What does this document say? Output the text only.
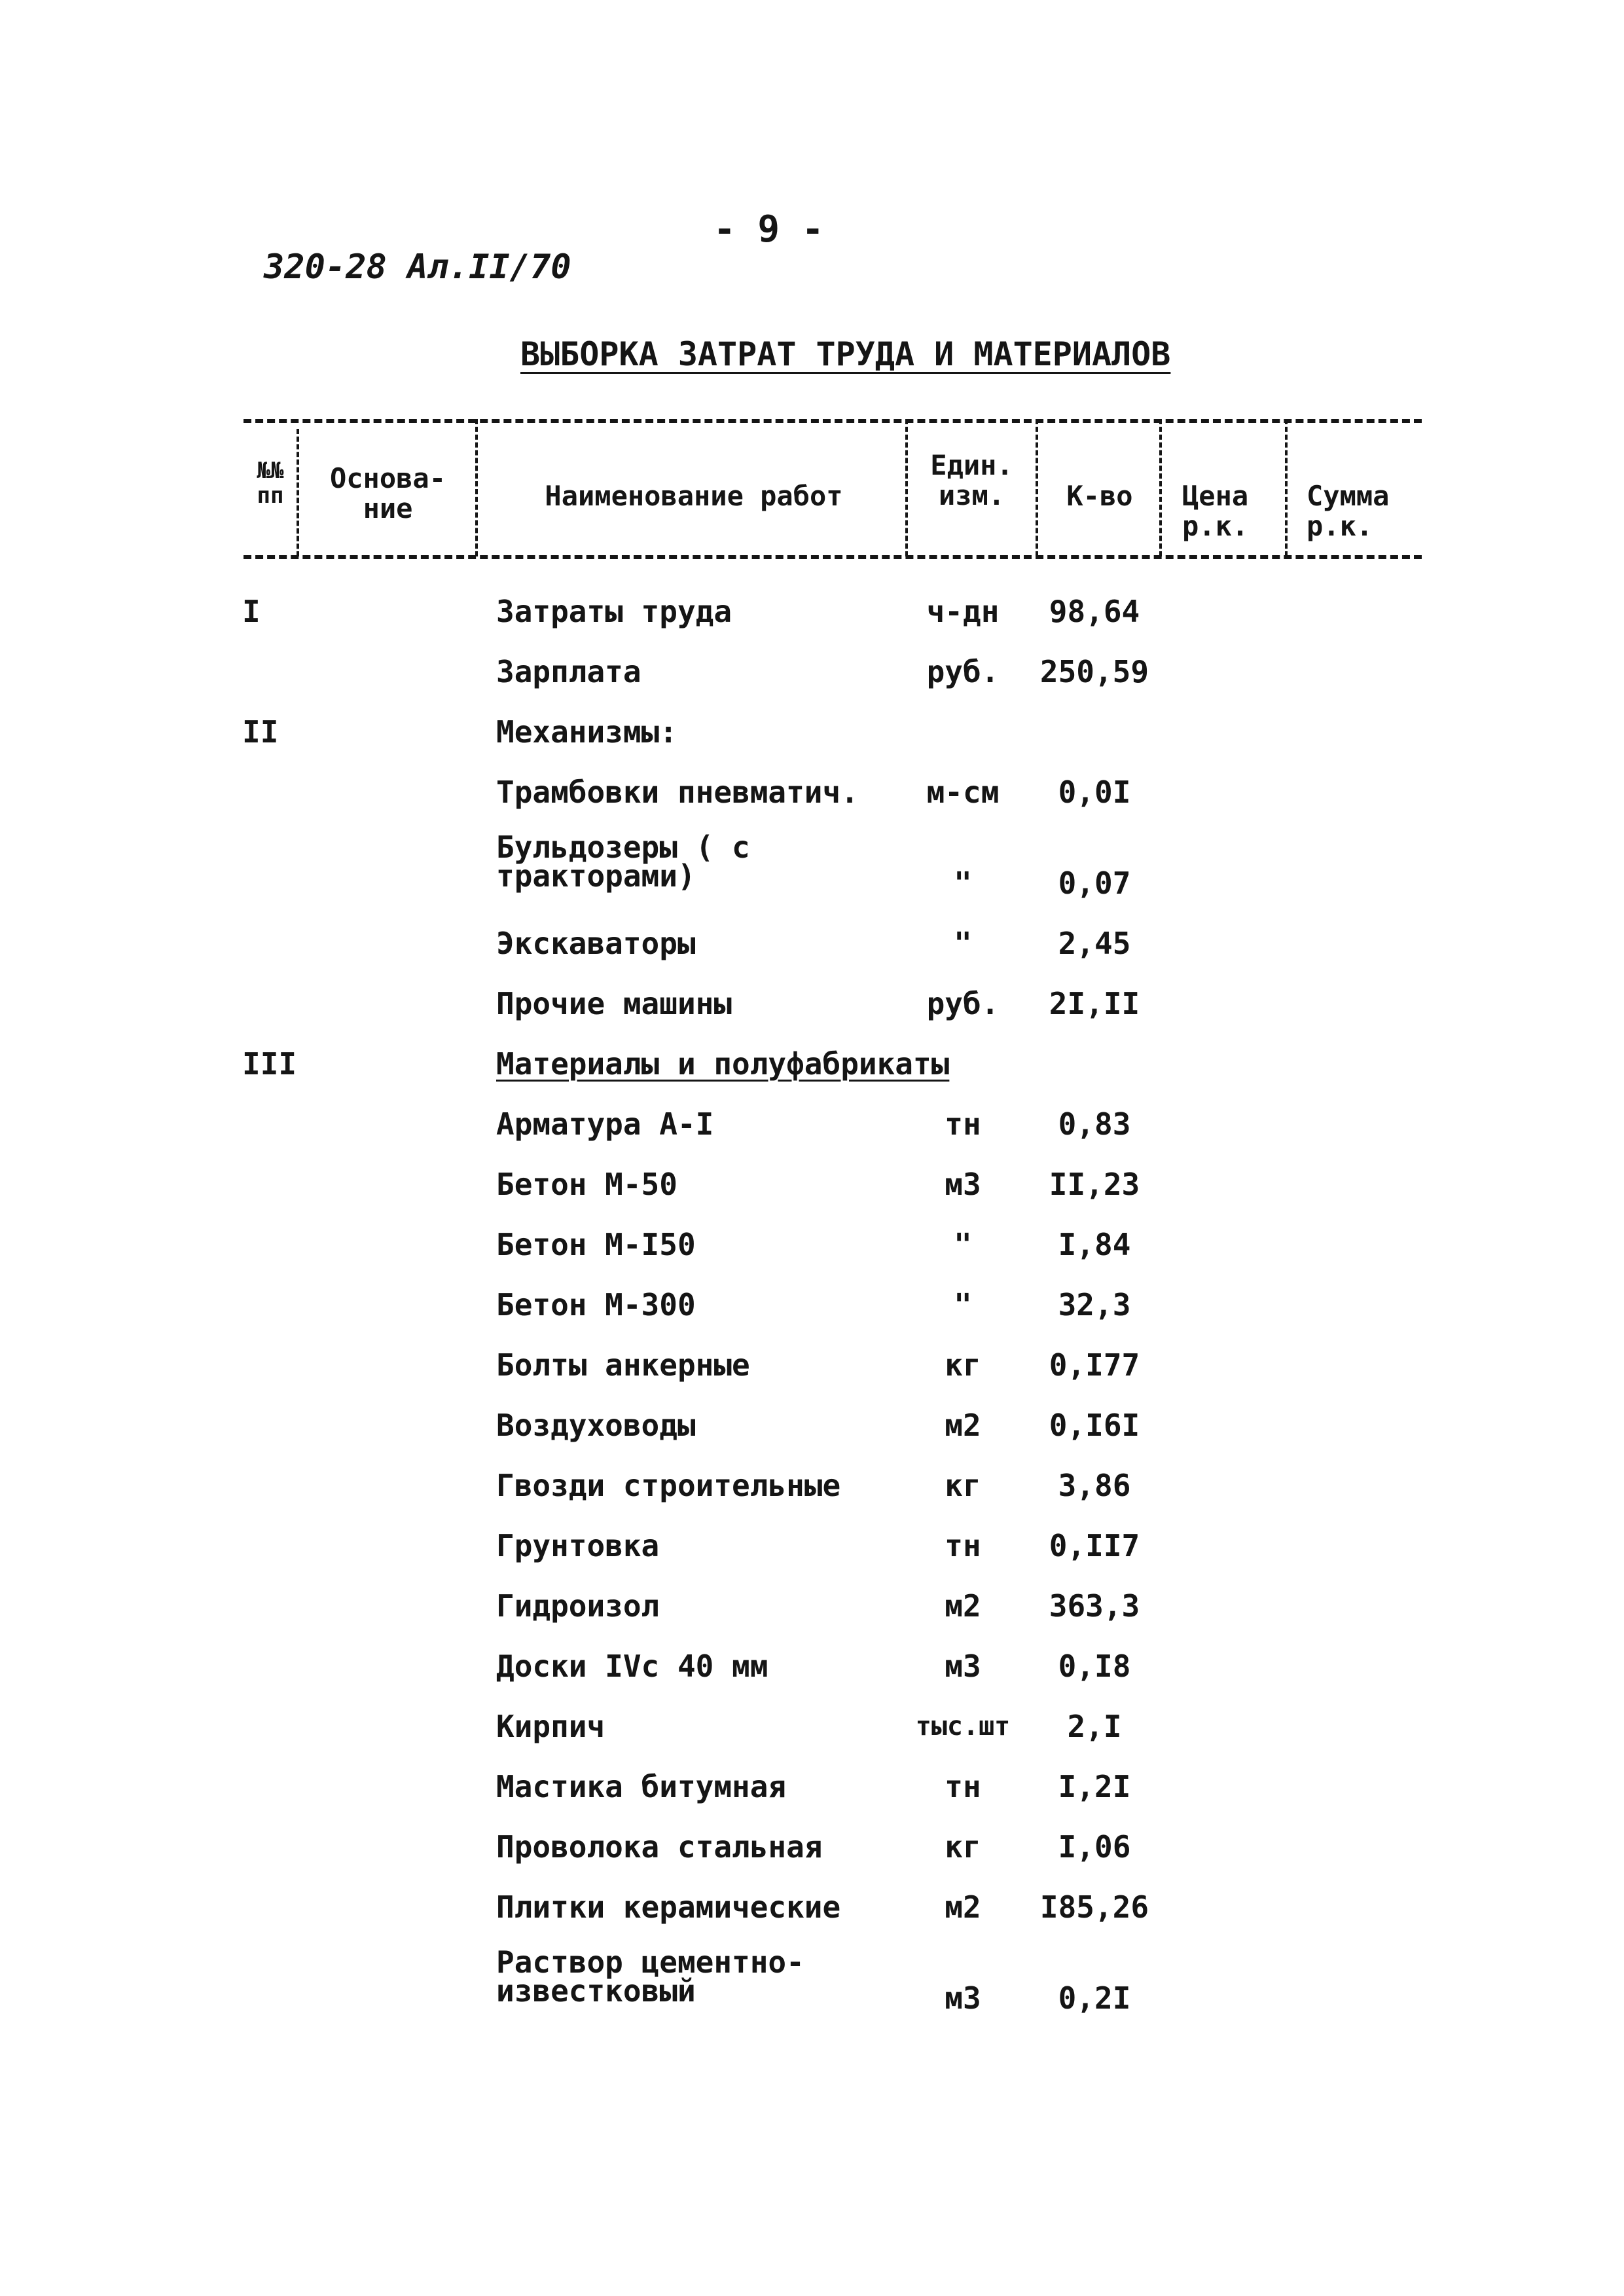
- 9 -
320-28 Ал.II/70
ВЫБОРКА ЗАТРАТ ТРУДА И МАТЕРИАЛОВ
№№
пп
Основа-
ние	Наименование работ
Един.
изм.	К-во	Цена
р.к.
Сумма
р.к.
I	Затраты труда	ч-дн	98,64
Зарплата	руб.	250,59
II	Механизмы:
Трамбовки пневматич.	м-см	0,0I
Бульдозеры ( с
тракторами)	"	0,07
Экскаваторы	"	2,45
Прочие машины	руб.	2I,II
III	Материалы и полуфабрикаты
Арматура А-I	тн	0,83
Бетон М-50	м3	II,23
Бетон М-I50	"	I,84
Бетон М-300	"	32,3
Болты анкерные	кг	0,I77
Воздуховоды	м2	0,I6I
Гвозди строительные	кг	3,86
Грунтовка	тн	0,II7
Гидроизол	м2	363,3
Доски IVс 40 мм	м3	0,I8
Кирпич	тыс.шт	2,I
Мастика битумная	тн	I,2I
Проволока стальная	кг	I,06
Плитки керамические	м2	I85,26
Раствор цементно-
известковый	м3	0,2I
